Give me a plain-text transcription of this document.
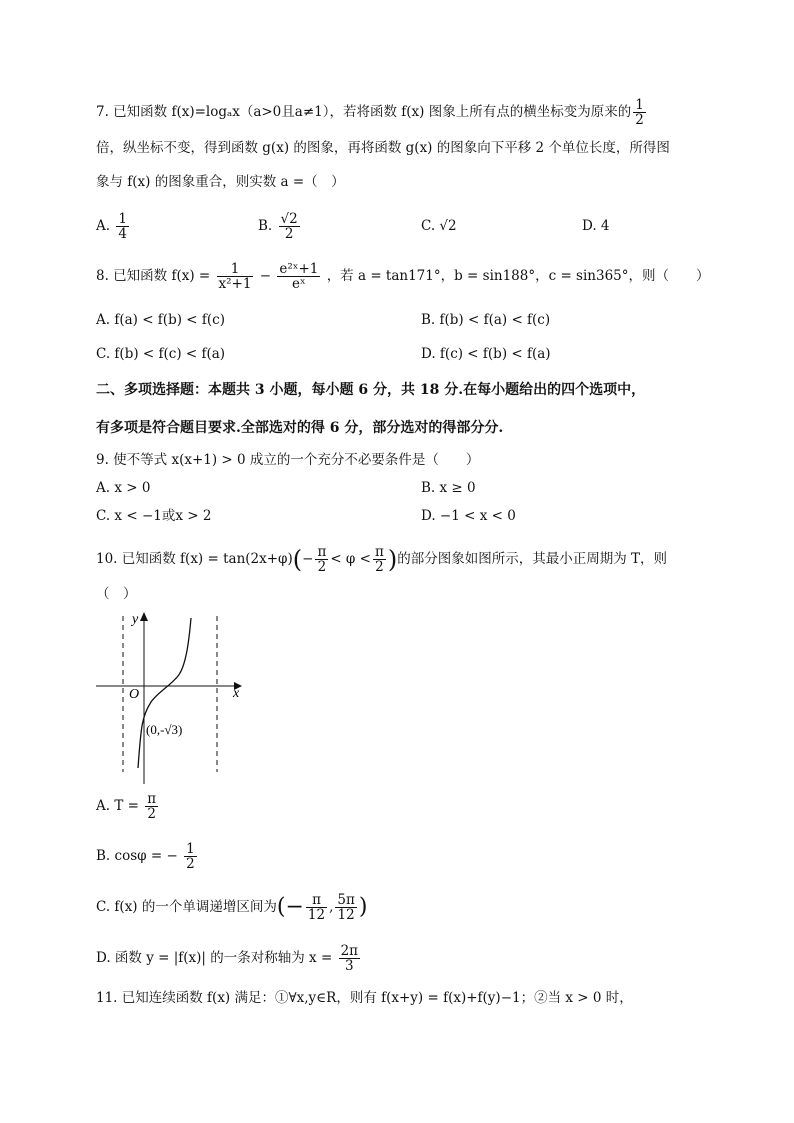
7. 已知函数 f(x)=logₐx（a>0且a≠1），若将函数 f(x) 图象上所有点的横坐标变为原来的 $\frac{1}{2}$
倍，纵坐标不变，得到函数 g(x) 的图象，再将函数 g(x) 的图象向下平移 2 个单位长度，所得图
象与 f(x) 的图象重合，则实数 a =（　）
A. $\frac{1}{4}$	B. $\frac{√2}{2}$	C. √2	D. 4
8. 已知函数 $f(x) = \frac{1}{\text{x²+1}} - \frac{\text{e²ˣ+1}}{\text{eˣ}}$ ，若 a = tan171°，b = sin188°，c = sin365°，则（　　）
A. f(a) < f(b) < f(c)	B. f(b) < f(a) < f(c)
C. f(b) < f(c) < f(a)	D. f(c) < f(b) < f(a)
二、多项选择题：本题共 3 小题，每小题 6 分，共 18 分.在每小题给出的四个选项中，
有多项是符合题目要求.全部选对的得 6 分，部分选对的得部分分.
9. 使不等式 x(x+1) > 0 成立的一个充分不必要条件是（　　）
A. x > 0	B. x ≥ 0
C. x < −1或x > 2	D. −1 < x < 0
10. 已知函数 $f(x) = \tan(2x+\varphi)(- \frac{\pi}{2} < \varphi < \frac{\pi}{2}$ )的部分图象如图所示，其最小正周期为 T，则
（　）
y
x
O
(0,-√3)
A. $T = \frac{\pi}{2}$
B. cosφ = − $\frac{1}{2}$
C. f(x) 的一个单调递增区间为(− $\frac{\pi}{12}$ , $\frac{5\pi}{12}$ )
D. 函数 y = |f(x)| 的一条对称轴为 $x = \frac{2\pi}{3}$
11. 已知连续函数 f(x) 满足：①∀x,y∈R，则有 f(x+y) = f(x)+f(y)−1；②当 x > 0 时，
